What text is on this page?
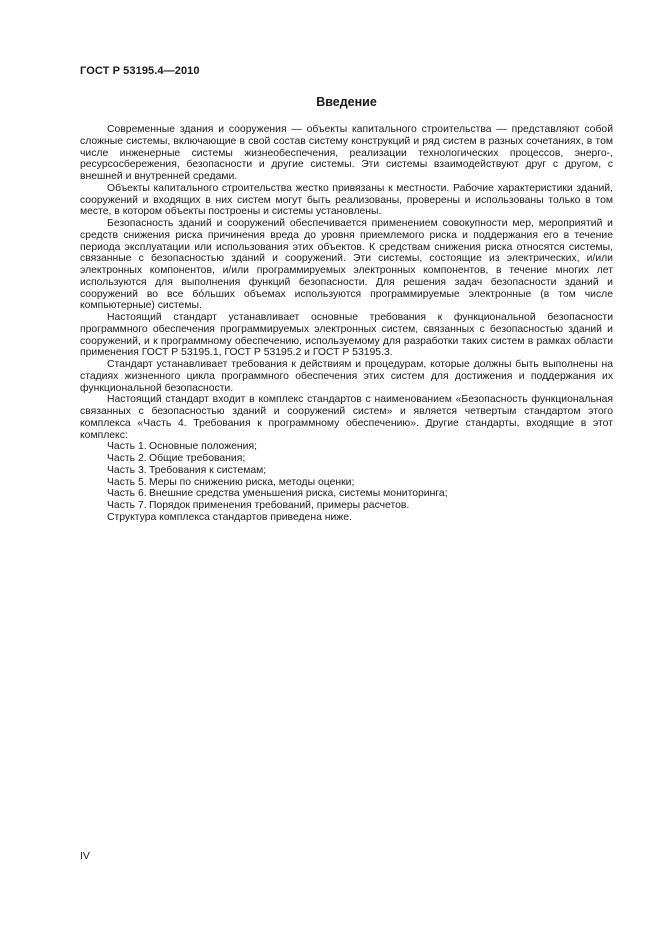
ГОСТ Р 53195.4—2010
Введение

Современные здания и сооружения — объекты капитального строительства — представляют собой сложные системы, включающие в свой состав систему конструкций и ряд систем в разных сочетаниях, в том числе инженерные системы жизнеобеспечения, реализации технологических процессов, энерго-, ресурсосбережения, безопасности и другие системы. Эти системы взаимодействуют друг с другом, с внешней и внутренней средами.

Объекты капитального строительства жестко привязаны к местности. Рабочие характеристики зданий, сооружений и входящих в них систем могут быть реализованы, проверены и использованы только в том месте, в котором объекты построены и системы установлены.

Безопасность зданий и сооружений обеспечивается применением совокупности мер, мероприятий и средств снижения риска причинения вреда до уровня приемлемого риска и поддержания его в течение периода эксплуатации или использования этих объектов. К средствам снижения риска относятся системы, связанные с безопасностью зданий и сооружений. Эти системы, состоящие из электрических, и/или электронных компонентов, и/или программируемых электронных компонентов, в течение многих лет используются для выполнения функций безопасности. Для решения задач безопасности зданий и сооружений во все бо́льших объемах используются программируемые электронные (в том числе компьютерные) системы.

Настоящий стандарт устанавливает основные требования к функциональной безопасности программного обеспечения программируемых электронных систем, связанных с безопасностью зданий и сооружений, и к программному обеспечению, используемому для разработки таких систем в рамках области применения ГОСТ Р 53195.1, ГОСТ Р 53195.2 и ГОСТ Р 53195.3.

Стандарт устанавливает требования к действиям и процедурам, которые должны быть выполнены на стадиях жизненного цикла программного обеспечения этих систем для достижения и поддержания их функциональной безопасности.

Настоящий стандарт входит в комплекс стандартов с наименованием «Безопасность функциональная связанных с безопасностью зданий и сооружений систем» и является четвертым стандартом этого комплекса «Часть 4. Требования к программному обеспечению». Другие стандарты, входящие в этот комплекс:

Часть 1. Основные положения;

Часть 2. Общие требования;

Часть 3. Требования к системам;

Часть 5. Меры по снижению риска, методы оценки;

Часть 6. Внешние средства уменьшения риска, системы мониторинга;

Часть 7. Порядок применения требований, примеры расчетов.

Структура комплекса стандартов приведена ниже.

IV
